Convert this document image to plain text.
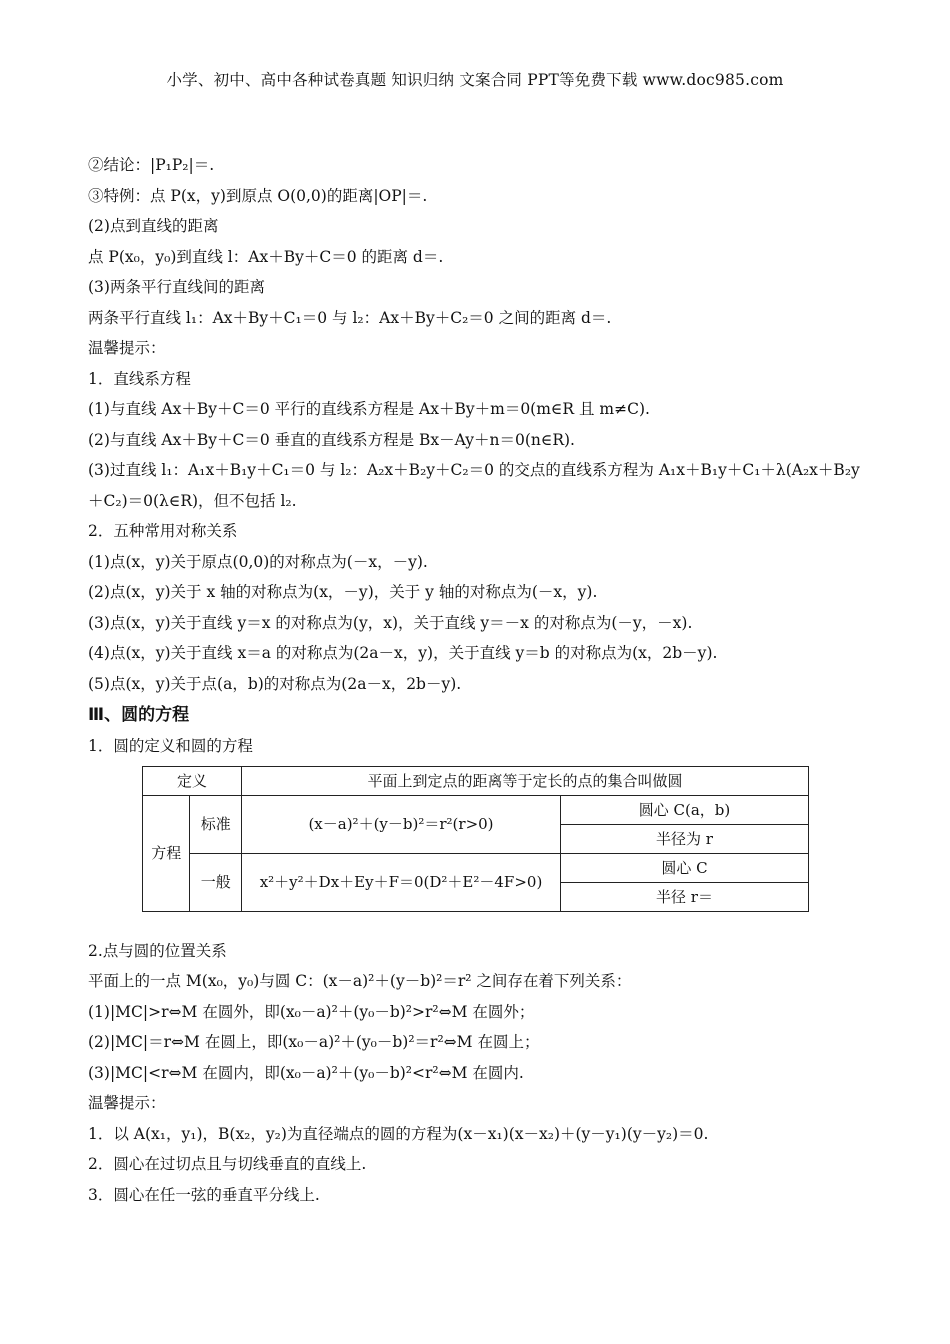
小学、初中、高中各种试卷真题 知识归纳 文案合同 PPT等免费下载 www.doc985.com
②结论：|P₁P₂|＝.
③特例：点 P(x，y)到原点 O(0,0)的距离|OP|＝.
(2)点到直线的距离
点 P(x₀，y₀)到直线 l：Ax＋By＋C＝0 的距离 d＝.
(3)两条平行直线间的距离
两条平行直线 l₁：Ax＋By＋C₁＝0 与 l₂：Ax＋By＋C₂＝0 之间的距离 d＝.
温馨提示：
1．直线系方程
(1)与直线 Ax＋By＋C＝0 平行的直线系方程是 Ax＋By＋m＝0(m∈R 且 m≠C).
(2)与直线 Ax＋By＋C＝0 垂直的直线系方程是 Bx－Ay＋n＝0(n∈R).
(3)过直线 l₁：A₁x＋B₁y＋C₁＝0 与 l₂：A₂x＋B₂y＋C₂＝0 的交点的直线系方程为 A₁x＋B₁y＋C₁＋λ(A₂x＋B₂y＋C₂)＝0(λ∈R)，但不包括 l₂.
2．五种常用对称关系
(1)点(x，y)关于原点(0,0)的对称点为(－x，－y).
(2)点(x，y)关于 x 轴的对称点为(x，－y)，关于 y 轴的对称点为(－x，y).
(3)点(x，y)关于直线 y＝x 的对称点为(y，x)，关于直线 y＝－x 的对称点为(－y，－x).
(4)点(x，y)关于直线 x＝a 的对称点为(2a－x，y)，关于直线 y＝b 的对称点为(x，2b－y).
(5)点(x，y)关于点(a，b)的对称点为(2a－x，2b－y).
Ⅲ、圆的方程
1．圆的定义和圆的方程
定义		平面上到定点的距离等于定长的点的集合叫做圆	
方程	标准	(x－a)²＋(y－b)²＝r²(r>0)	圆心 C(a，b)
			半径为 r
	一般	x²＋y²＋Dx＋Ey＋F＝0(D²＋E²－4F>0)	圆心 C
			半径 r＝
2.点与圆的位置关系
平面上的一点 M(x₀，y₀)与圆 C：(x－a)²＋(y－b)²＝r² 之间存在着下列关系：
(1)|MC|>r⇔M 在圆外，即(x₀－a)²＋(y₀－b)²>r²⇔M 在圆外；
(2)|MC|＝r⇔M 在圆上，即(x₀－a)²＋(y₀－b)²＝r²⇔M 在圆上；
(3)|MC|<r⇔M 在圆内，即(x₀－a)²＋(y₀－b)²<r²⇔M 在圆内.
温馨提示：
1．以 A(x₁，y₁)，B(x₂，y₂)为直径端点的圆的方程为(x－x₁)(x－x₂)＋(y－y₁)(y－y₂)＝0.
2．圆心在过切点且与切线垂直的直线上.
3．圆心在任一弦的垂直平分线上.
